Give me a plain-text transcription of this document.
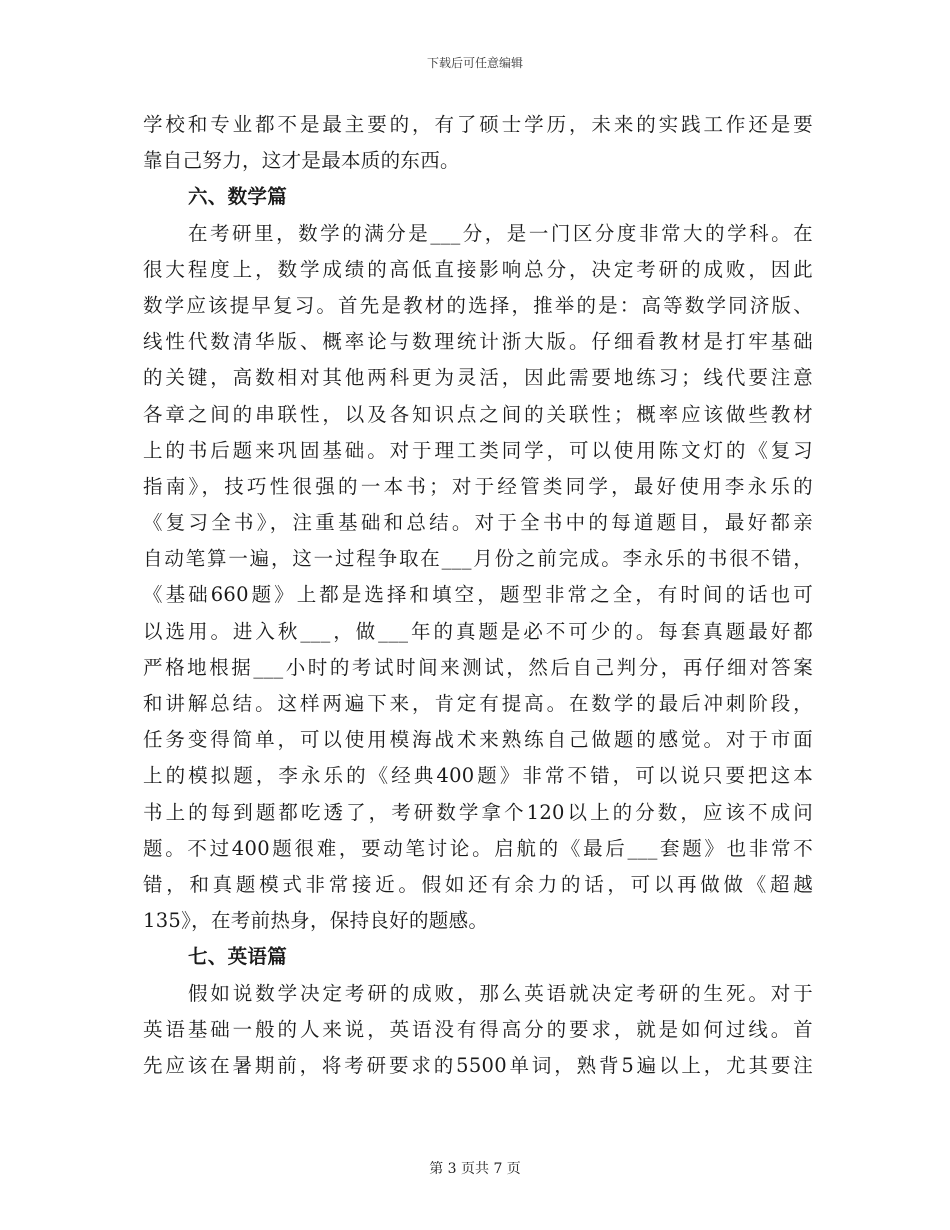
下载后可任意编辑
学校和专业都不是最主要的，有了硕士学历，未来的实践工作还是要
靠自己努力，这才是最本质的东西。
六、数学篇
在考研里，数学的满分是___分，是一门区分度非常大的学科。在
很大程度上，数学成绩的高低直接影响总分，决定考研的成败，因此
数学应该提早复习。首先是教材的选择，推举的是：高等数学同济版、
线性代数清华版、概率论与数理统计浙大版。仔细看教材是打牢基础
的关键，高数相对其他两科更为灵活，因此需要地练习；线代要注意
各章之间的串联性，以及各知识点之间的关联性；概率应该做些教材
上的书后题来巩固基础。对于理工类同学，可以使用陈文灯的《复习
指南》，技巧性很强的一本书；对于经管类同学，最好使用李永乐的
《复习全书》，注重基础和总结。对于全书中的每道题目，最好都亲
自动笔算一遍，这一过程争取在___月份之前完成。李永乐的书很不错，
《基础660题》上都是选择和填空，题型非常之全，有时间的话也可
以选用。进入秋___，做___年的真题是必不可少的。每套真题最好都
严格地根据___小时的考试时间来测试，然后自己判分，再仔细对答案
和讲解总结。这样两遍下来，肯定有提高。在数学的最后冲刺阶段，
任务变得简单，可以使用模海战术来熟练自己做题的感觉。对于市面
上的模拟题，李永乐的《经典400题》非常不错，可以说只要把这本
书上的每到题都吃透了，考研数学拿个120以上的分数，应该不成问
题。不过400题很难，要动笔讨论。启航的《最后___套题》也非常不
错，和真题模式非常接近。假如还有余力的话，可以再做做《超越
135》，在考前热身，保持良好的题感。
七、英语篇
假如说数学决定考研的成败，那么英语就决定考研的生死。对于
英语基础一般的人来说，英语没有得高分的要求，就是如何过线。首
先应该在暑期前，将考研要求的5500单词，熟背5遍以上，尤其要注
第 3 页共 7 页
